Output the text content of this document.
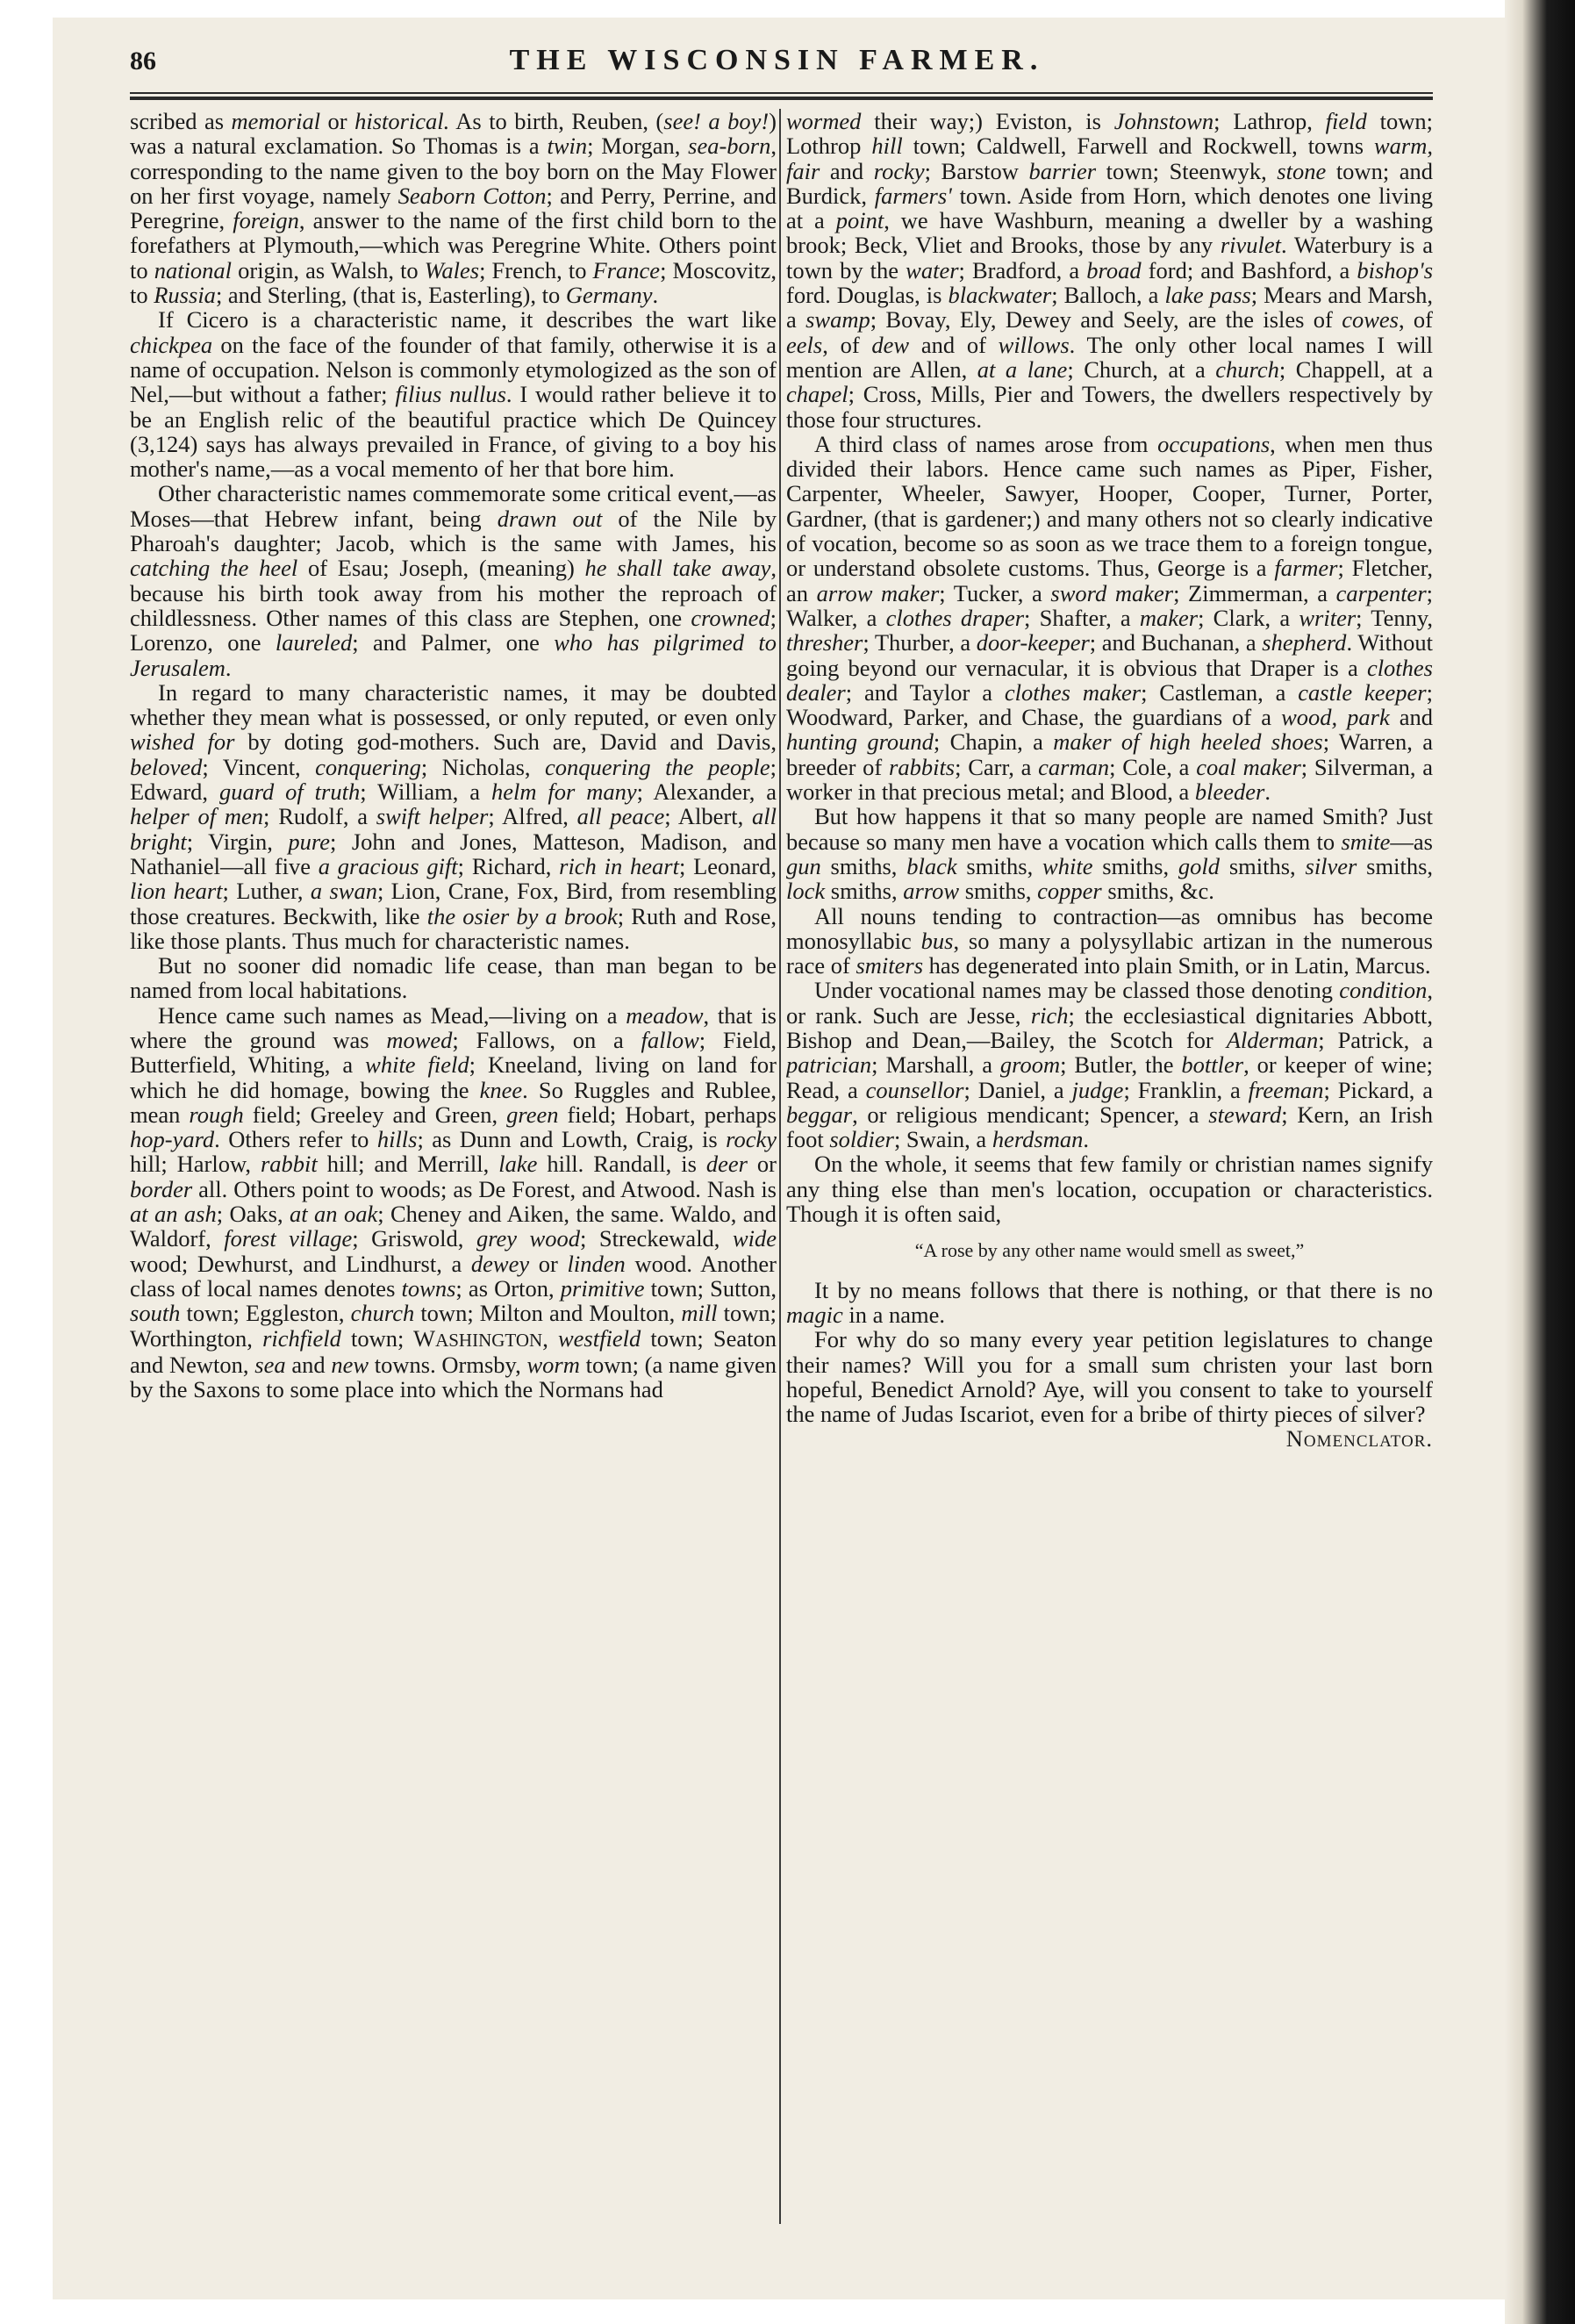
86	THE WISCONSIN FARMER.

scribed as memorial or historical. As to birth, Reuben, (see! a boy!) was a natural exclamation. So Thomas is a twin; Morgan, sea-born, corresponding to the name given to the boy born on the May Flower on her first voyage, namely Seaborn Cotton; and Perry, Perrine, and Peregrine, foreign, answer to the name of the first child born to the forefathers at Plymouth,—which was Peregrine White. Others point to national origin, as Walsh, to Wales; French, to France; Moscovitz, to Russia; and Sterling, (that is, Easterling), to Germany.

If Cicero is a characteristic name, it describes the wart like chickpea on the face of the founder of that family, otherwise it is a name of occupation. Nelson is commonly etymologized as the son of Nel,—but without a father; filius nullus. I would rather believe it to be an English relic of the beautiful practice which De Quincey (3,124) says has always prevailed in France, of giving to a boy his mother's name,—as a vocal memento of her that bore him.

Other characteristic names commemorate some critical event,—as Moses—that Hebrew infant, being drawn out of the Nile by Pharoah's daughter; Jacob, which is the same with James, his catching the heel of Esau; Joseph, (meaning) he shall take away, because his birth took away from his mother the reproach of childlessness. Other names of this class are Stephen, one crowned; Lorenzo, one laureled; and Palmer, one who has pilgrimed to Jerusalem.

In regard to many characteristic names, it may be doubted whether they mean what is possessed, or only reputed, or even only wished for by doting god-mothers. Such are, David and Davis, beloved; Vincent, conquering; Nicholas, conquering the people; Edward, guard of truth; William, a helm for many; Alexander, a helper of men; Rudolf, a swift helper; Alfred, all peace; Albert, all bright; Virgin, pure; John and Jones, Matteson, Madison, and Nathaniel—all five a gracious gift; Richard, rich in heart; Leonard, lion heart; Luther, a swan; Lion, Crane, Fox, Bird, from resembling those creatures. Beckwith, like the osier by a brook; Ruth and Rose, like those plants. Thus much for characteristic names.

But no sooner did nomadic life cease, than man began to be named from local habitations.

Hence came such names as Mead,—living on a meadow, that is where the ground was mowed; Fallows, on a fallow; Field, Butterfield, Whiting, a white field; Kneeland, living on land for which he did homage, bowing the knee. So Ruggles and Rublee, mean rough field; Greeley and Green, green field; Hobart, perhaps hop-yard. Others refer to hills; as Dunn and Lowth, Craig, is rocky hill; Harlow, rabbit hill; and Merrill, lake hill. Randall, is deer or border all. Others point to woods; as De Forest, and Atwood. Nash is at an ash; Oaks, at an oak; Cheney and Aiken, the same. Waldo, and Waldorf, forest village; Griswold, grey wood; Streckewald, wide wood; Dewhurst, and Lindhurst, a dewey or linden wood. Another class of local names denotes towns; as Orton, primitive town; Sutton, south town; Eggleston, church town; Milton and Moulton, mill town; Worthington, richfield town; WASHINGTON, westfield town; Seaton and Newton, sea and new towns. Ormsby, worm town; (a name given by the Saxons to some place into which the Normans had

wormed their way;) Eviston, is Johnstown; Lathrop, field town; Lothrop hill town; Caldwell, Farwell and Rockwell, towns warm, fair and rocky; Barstow barrier town; Steenwyk, stone town; and Burdick, farmers' town. Aside from Horn, which denotes one living at a point, we have Washburn, meaning a dweller by a washing brook; Beck, Vliet and Brooks, those by any rivulet. Waterbury is a town by the water; Bradford, a broad ford; and Bashford, a bishop's ford. Douglas, is blackwater; Balloch, a lake pass; Mears and Marsh, a swamp; Bovay, Ely, Dewey and Seely, are the isles of cowes, of eels, of dew and of willows. The only other local names I will mention are Allen, at a lane; Church, at a church; Chappell, at a chapel; Cross, Mills, Pier and Towers, the dwellers respectively by those four structures.

A third class of names arose from occupations, when men thus divided their labors. Hence came such names as Piper, Fisher, Carpenter, Wheeler, Sawyer, Hooper, Cooper, Turner, Porter, Gardner, (that is gardener;) and many others not so clearly indicative of vocation, become so as soon as we trace them to a foreign tongue, or understand obsolete customs. Thus, George is a farmer; Fletcher, an arrow maker; Tucker, a sword maker; Zimmerman, a carpenter; Walker, a clothes draper; Shafter, a maker; Clark, a writer; Tenny, thresher; Thurber, a door-keeper; and Buchanan, a shepherd. Without going beyond our vernacular, it is obvious that Draper is a clothes dealer; and Taylor a clothes maker; Castleman, a castle keeper; Woodward, Parker, and Chase, the guardians of a wood, park and hunting ground; Chapin, a maker of high heeled shoes; Warren, a breeder of rabbits; Carr, a carman; Cole, a coal maker; Silverman, a worker in that precious metal; and Blood, a bleeder.

But how happens it that so many people are named Smith? Just because so many men have a vocation which calls them to smite—as gun smiths, black smiths, white smiths, gold smiths, silver smiths, lock smiths, arrow smiths, copper smiths, &c.

All nouns tending to contraction—as omnibus has become monosyllabic bus, so many a polysyllabic artizan in the numerous race of smiters has degenerated into plain Smith, or in Latin, Marcus.

Under vocational names may be classed those denoting condition, or rank. Such are Jesse, rich; the ecclesiastical dignitaries Abbott, Bishop and Dean,—Bailey, the Scotch for Alderman; Patrick, a patrician; Marshall, a groom; Butler, the bottler, or keeper of wine; Read, a counsellor; Daniel, a judge; Franklin, a freeman; Pickard, a beggar, or religious mendicant; Spencer, a steward; Kern, an Irish foot soldier; Swain, a herdsman.

On the whole, it seems that few family or christian names signify any thing else than men's location, occupation or characteristics. Though it is often said,

“A rose by any other name would smell as sweet,”

It by no means follows that there is nothing, or that there is no magic in a name.

For why do so many every year petition legislatures to change their names? Will you for a small sum christen your last born hopeful, Benedict Arnold? Aye, will you consent to take to yourself the name of Judas Iscariot, even for a bribe of thirty pieces of silver?
Nomenclator.
